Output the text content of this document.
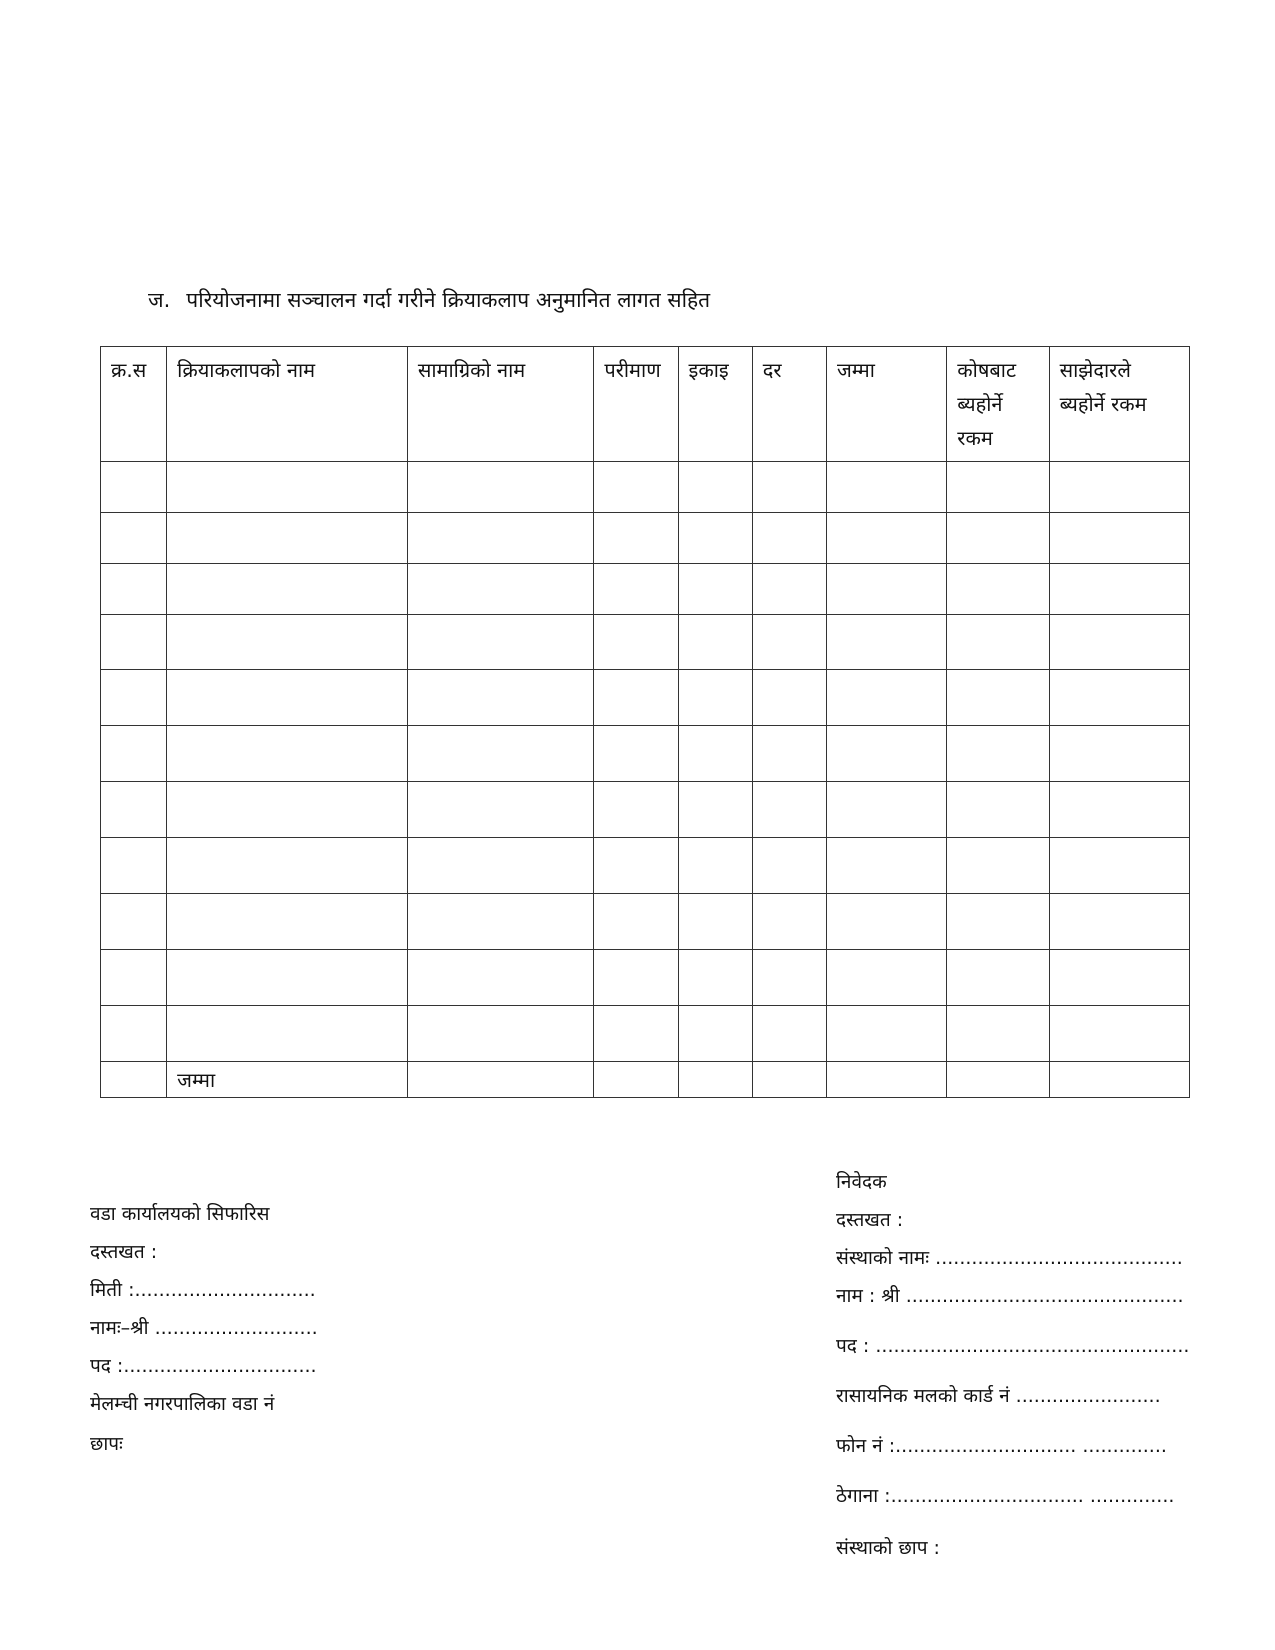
ज. परियोजनामा सञ्चालन गर्दा गरीने क्रियाकलाप अनुमानित लागत सहित
क्र.स	क्रियाकलापको नाम	सामाग्रिको नाम	परीमाण	इकाइ	दर	जम्मा	कोषबाट ब्यहोर्ने रकम	साझेदारले ब्यहोर्ने रकम

	जम्मा							
वडा कार्यालयको सिफारिस
दस्तखत :
मिती :..............................
नामः–श्री ...........................
पद :................................
मेलम्ची नगरपालिका वडा नं
छापः
निवेदक
दस्तखत :
संस्थाको नामः .........................................
नाम : श्री ..............................................
पद : ....................................................
रासायनिक मलको कार्ड नं ........................
फोन नं :.............................. ..............
ठेगाना :................................ ..............
संस्थाको छाप :
